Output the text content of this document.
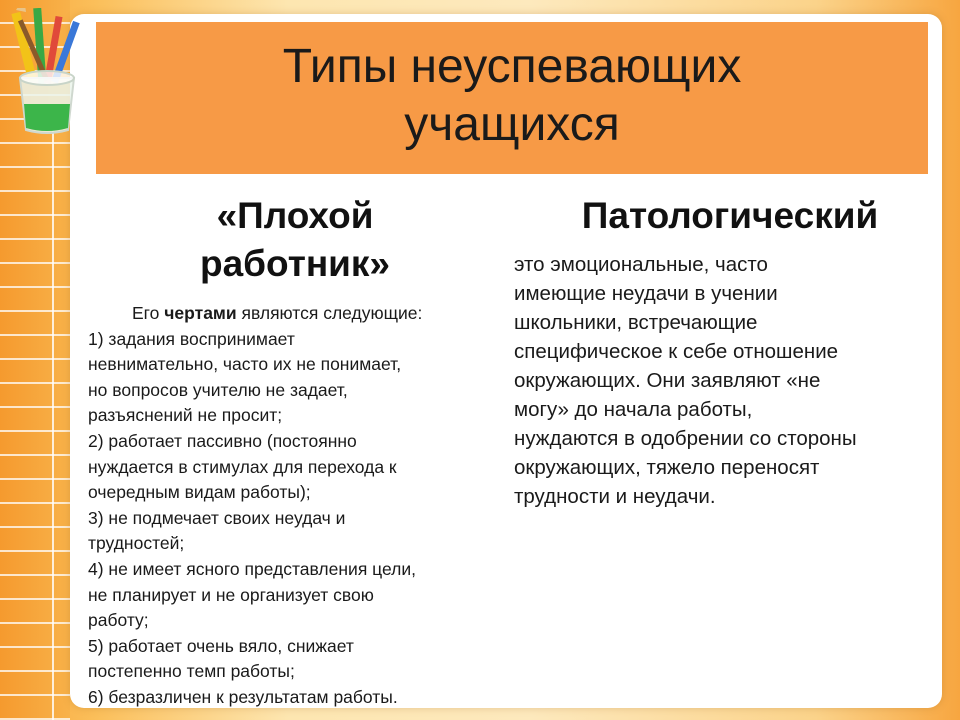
Типы неуспевающих
учащихся
«Плохой
работник»
Патологический
Его чертами являются следующие:
1) задания воспринимает
невнимательно, часто их не понимает,
но вопросов учителю не задает,
разъяснений не просит;
2) работает пассивно (постоянно
нуждается в стимулах для перехода к
очередным видам работы);
3) не подмечает своих неудач и
трудностей;
4) не имеет ясного представления цели,
не планирует и не организует свою
работу;
5) работает очень вяло, снижает
постепенно темп работы;
6) безразличен к результатам работы.
это эмоциональные, часто
имеющие неудачи в учении
школьники, встречающие
специфическое к себе отношение
окружающих. Они заявляют «не
могу» до начала работы,
нуждаются в одобрении со стороны
окружающих, тяжело переносят
трудности и неудачи.
